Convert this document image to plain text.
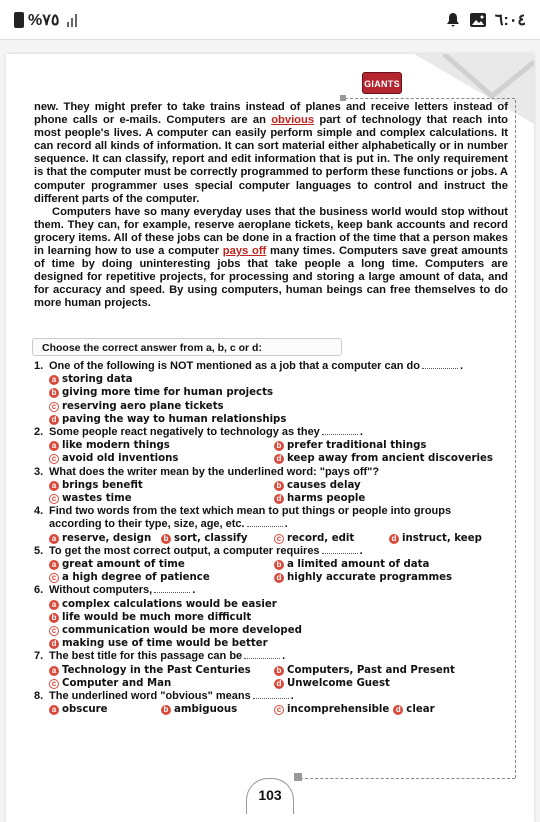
%٧٥	٦:٠٤
GIANTS

new. They might prefer to take trains instead of planes and receive letters instead of phone calls or e-mails. Computers are an obvious part of technology that reach into most people's lives. A computer can easily perform simple and complex calculations. It can record all kinds of information. It can sort material either alphabetically or in number sequence. It can classify, report and edit information that is put in. The only requirement is that the computer must be correctly programmed to perform these functions or jobs. A computer programmer uses special computer languages to control and instruct the different parts of the computer.

Computers have so many everyday uses that the business world would stop without them. They can, for example, reserve aeroplane tickets, keep bank accounts and record grocery items. All of these jobs can be done in a fraction of the time that a person makes in learning how to use a computer pays off many times. Computers save great amounts of time by doing uninteresting jobs that take people a long time. Computers are designed for repetitive projects, for processing and storing a large amount of data, and for accuracy and speed. By using computers, human beings can free themselves to do more human projects.

Choose the correct answer from a, b, c or d:
1. One of the following is NOT mentioned as a job that a computer can do	.
a storing data
b giving more time for human projects
c reserving aero plane tickets
d paving the way to human relationships
2. Some people react negatively to technology as they	.
a like modern things	b prefer traditional things
c avoid old inventions	d keep away from ancient discoveries
3. What does the writer mean by the underlined word: "pays off"?
a brings benefit	b causes delay
c wastes time	d harms people
4. Find two words from the text which mean to put things or people into groups
according to their type, size, age, etc.	.
a reserve, design	b sort, classify	c record, edit	d instruct, keep
5. To get the most correct output, a computer requires	.
a great amount of time	b a limited amount of data
c a high degree of patience	d highly accurate programmes
6. Without computers,	.
a complex calculations would be easier
b life would be much more difficult
c communication would be more developed
d making use of time would be better
7. The best title for this passage can be	.
a Technology in the Past Centuries	b Computers, Past and Present
c Computer and Man	d Unwelcome Guest
8. The underlined word "obvious" means	.
a obscure	b ambiguous	c incomprehensible d clear
103
